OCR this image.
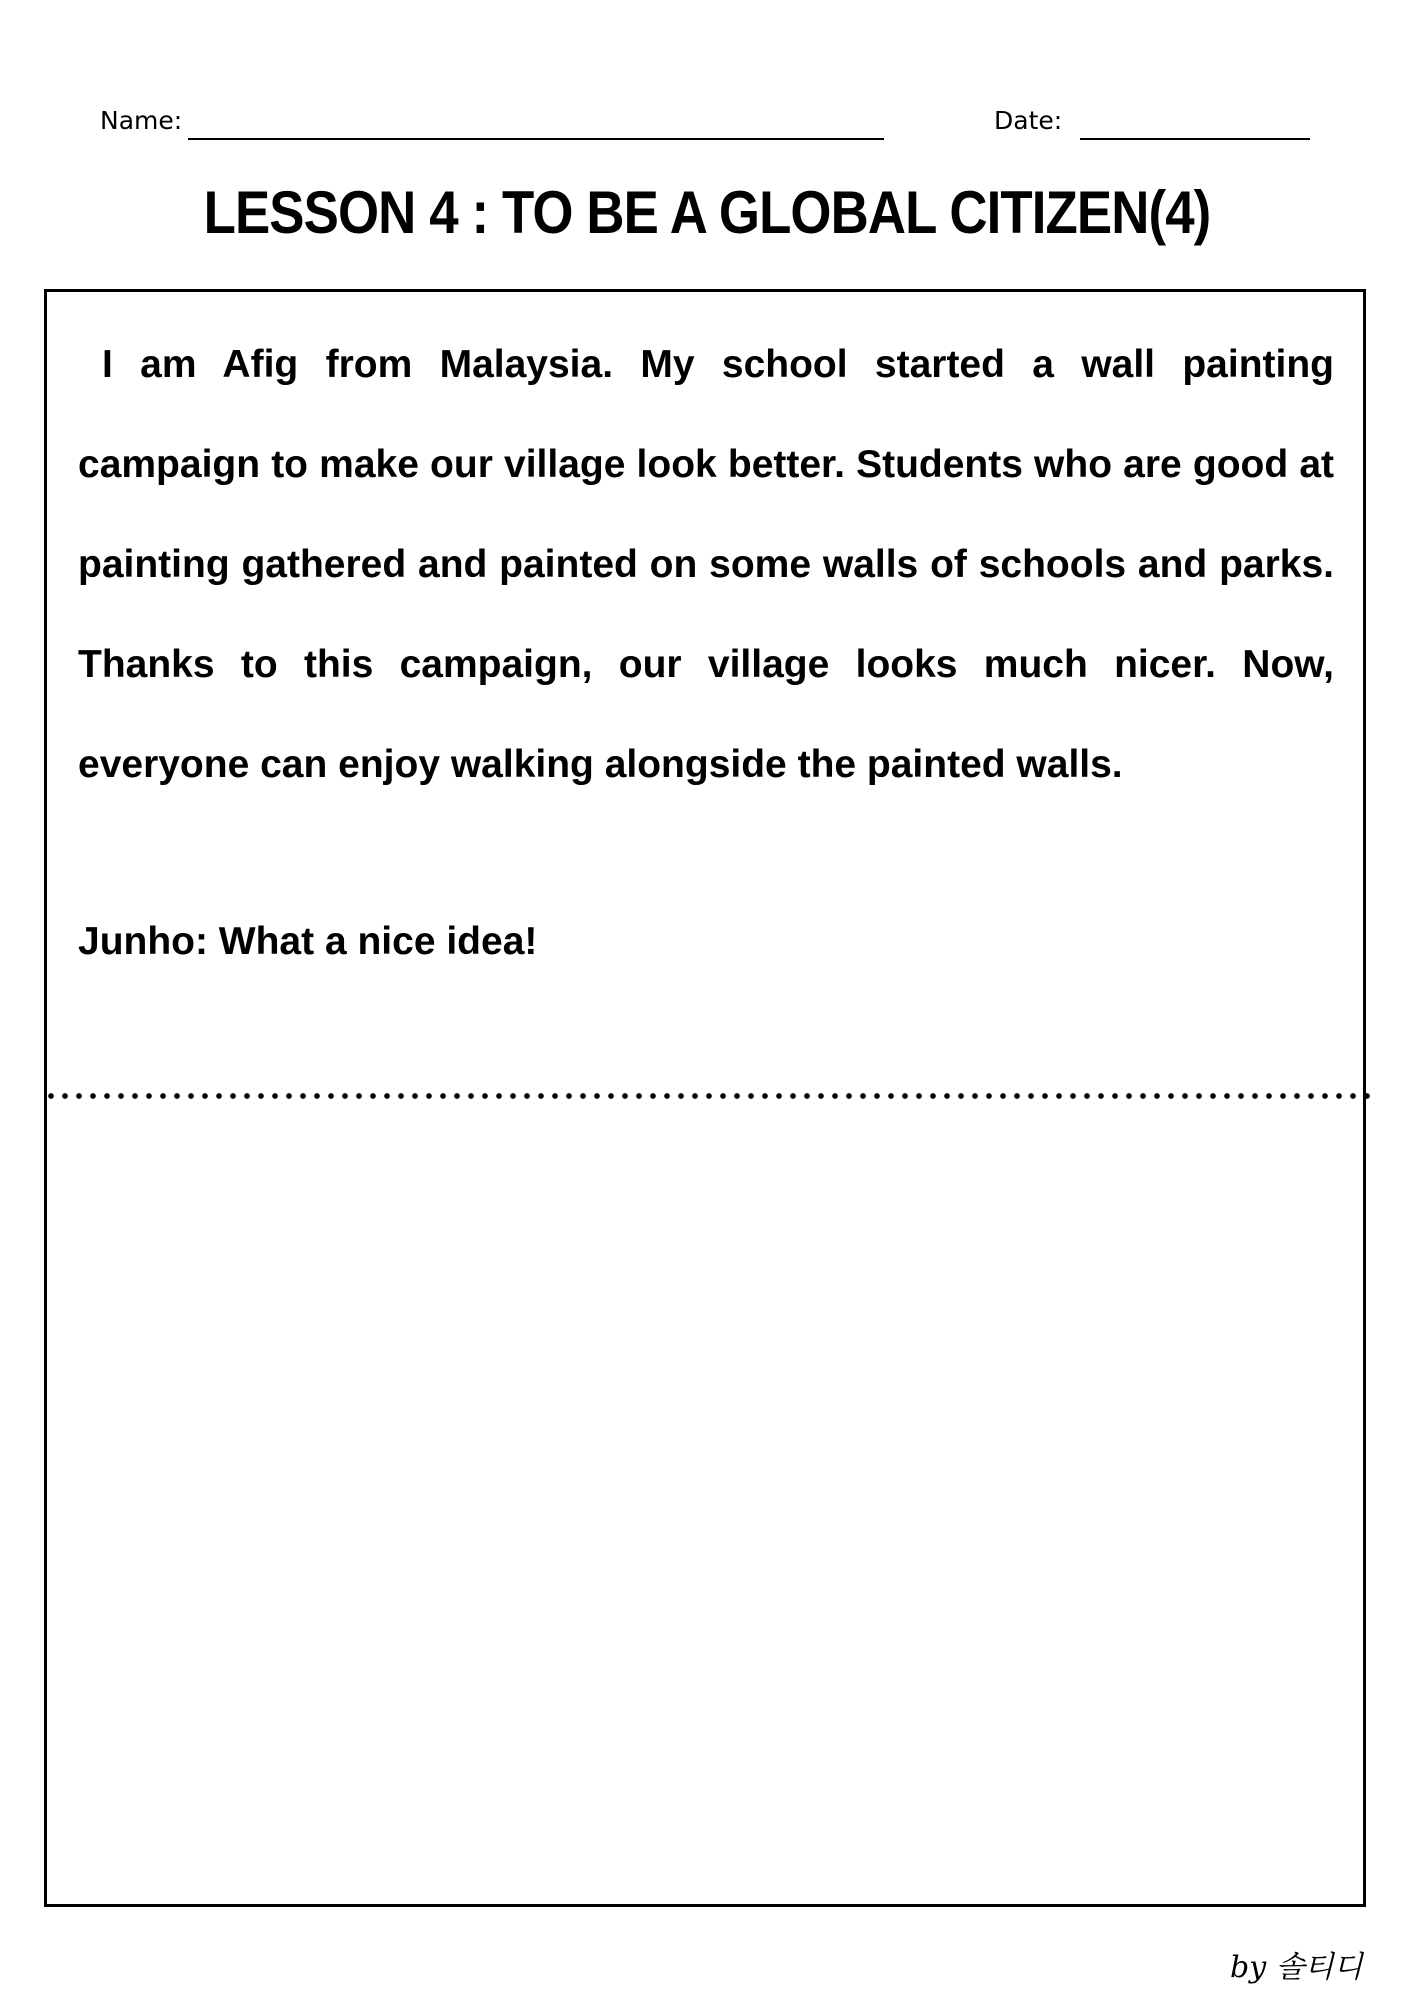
Name:	Date:
LESSON 4 : TO BE A GLOBAL CITIZEN(4)

I am Afig from Malaysia. My school started a wall painting campaign to make our village look better. Students who are good at painting gathered and painted on some walls of schools and parks. Thanks to this campaign, our village looks much nicer. Now, everyone can enjoy walking alongside the painted walls.

Junho: What a nice idea!
by 솔티디
